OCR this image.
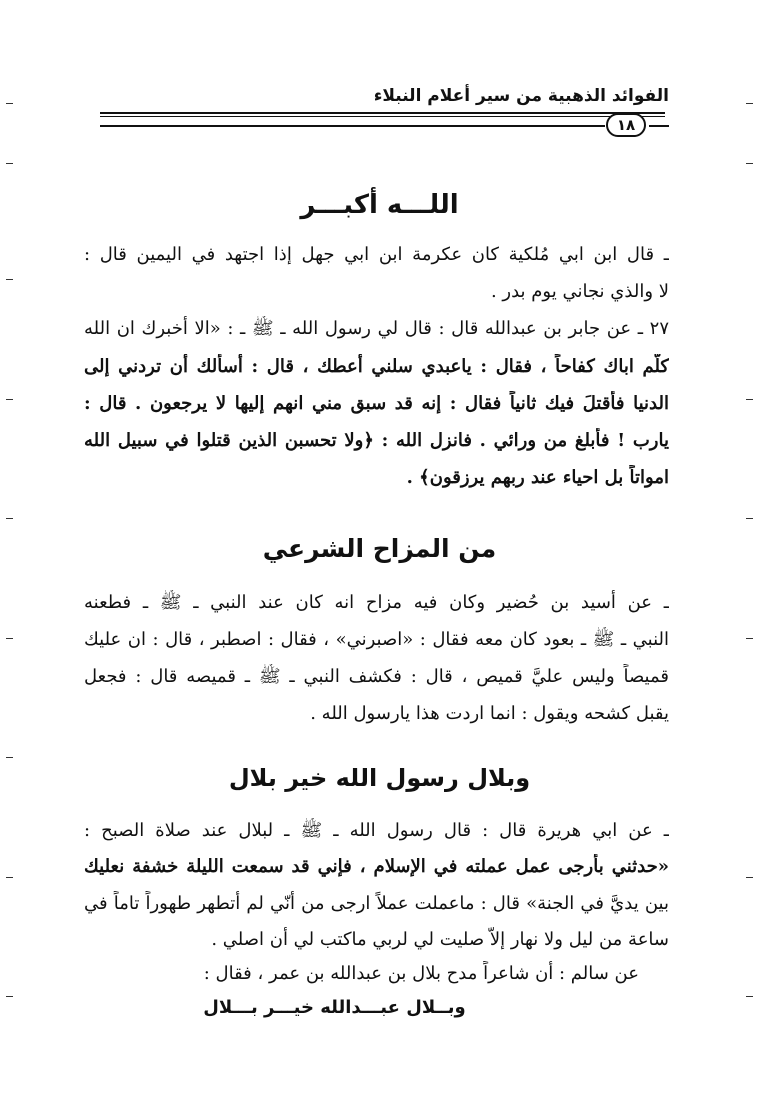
الفوائد الذهبية من سير أعلام النبلاء
١٨
اللـــه أكبـــر
ـ قال ابن ابي مُلكية كان عكرمة ابن ابي جهل إذا اجتهد في اليمين قال :
لا والذي نجاني يوم بدر .
٢٧ ـ عن جابر بن عبدالله قال : قال لي رسول الله ـ ﷺ ـ : «الا أخبرك ان الله
كلّم اباك كفاحاً ، فقال : ياعبدي سلني أعطك ، قال : أسألك أن تردني إلى
الدنيا فأقتلَ فيك ثانياً فقال : إنه قد سبق مني انهم إليها لا يرجعون . قال :
يارب ! فأبلغ من ورائي . فانزل الله : ﴿ولا تحسبن الذين قتلوا في سبيل الله
امواتاً بل احياء عند ربهم يرزقون﴾ .
من المزاح الشرعي
ـ عن أسيد بن حُضير وكان فيه مزاح انه كان عند النبي ـ ﷺ ـ فطعنه
النبي ـ ﷺ ـ بعود كان معه فقال : «اصبرني» ، فقال : اصطبر ، قال : ان عليك
قميصاً وليس عليَّ قميص ، قال : فكشف النبي ـ ﷺ ـ قميصه قال : فجعل
يقبل كشحه ويقول : انما اردت هذا يارسول الله .
وبلال رسول الله خير بلال
ـ عن ابي هريرة قال : قال رسول الله ـ ﷺ ـ لبلال عند صلاة الصبح :
«حدثني بأرجى عمل عملته في الإسلام ، فإني قد سمعت الليلة خشفة نعليك
بين يديَّ في الجنة» قال : ماعملت عملاً ارجى من أنّي لم أتطهر طهوراً تاماً في
ساعة من ليل ولا نهار إلاَّ صليت لي لربي ماكتب لي أن اصلي .
عن سالم : أن شاعراً مدح بلال بن عبدالله بن عمر ، فقال :
وبــلال عبـــدالله خيـــر بـــلال
